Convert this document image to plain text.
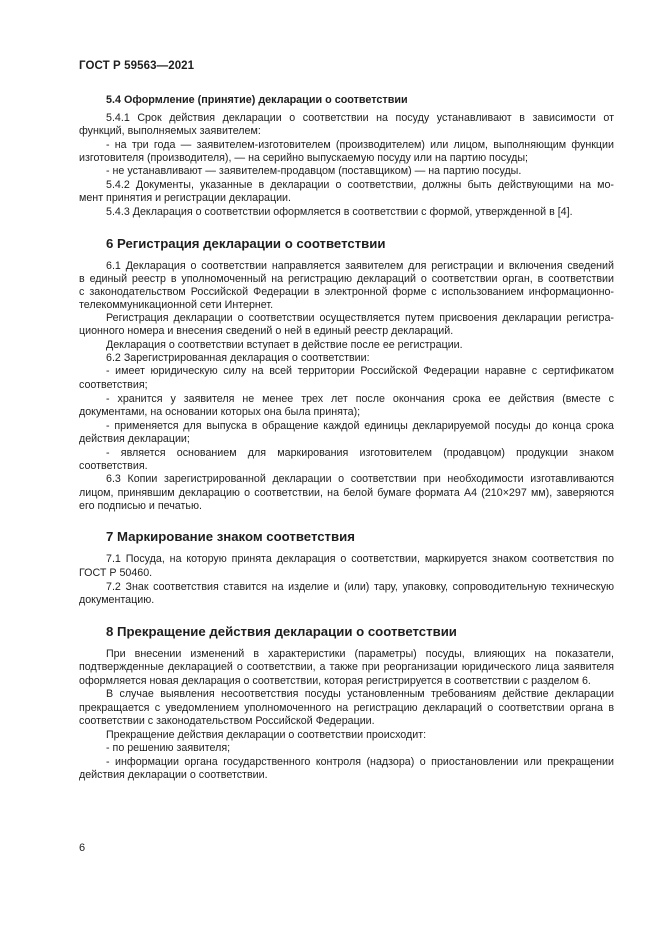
ГОСТ Р 59563—2021
5.4 Оформление (принятие) декларации о соответствии
5.4.1 Срок действия декларации о соответствии на посуду устанавливают в зависимости от
функций, выполняемых заявителем:
- на три года — заявителем-изготовителем (производителем) или лицом, выполняющим функции
изготовителя (производителя), — на серийно выпускаемую посуду или на партию посуды;
- не устанавливают — заявителем-продавцом (поставщиком) — на партию посуды.
5.4.2 Документы, указанные в декларации о соответствии, должны быть действующими на мо-
мент принятия и регистрации декларации.
5.4.3 Декларация о соответствии оформляется в соответствии с формой, утвержденной в [4].
6 Регистрация декларации о соответствии
6.1 Декларация о соответствии направляется заявителем для регистрации и включения сведений
в единый реестр в уполномоченный на регистрацию деклараций о соответствии орган, в соответствии
с законодательством Российской Федерации в электронной форме с использованием информационно-
телекоммуникационной сети Интернет.
Регистрация декларации о соответствии осуществляется путем присвоения декларации регистра-
ционного номера и внесения сведений о ней в единый реестр деклараций.
Декларация о соответствии вступает в действие после ее регистрации.
6.2 Зарегистрированная декларация о соответствии:
- имеет юридическую силу на всей территории Российской Федерации наравне с сертификатом
соответствия;
- хранится у заявителя не менее трех лет после окончания срока ее действия (вместе с
документами, на основании которых она была принята);
- применяется для выпуска в обращение каждой единицы декларируемой посуды до конца срока
действия декларации;
- является основанием для маркирования изготовителем (продавцом) продукции знаком
соответствия.
6.3 Копии зарегистрированной декларации о соответствии при необходимости изготавливаются
лицом, принявшим декларацию о соответствии, на белой бумаге формата А4 (210×297 мм), заверяются
его подписью и печатью.
7 Маркирование знаком соответствия
7.1 Посуда, на которую принята декларация о соответствии, маркируется знаком соответствия по
ГОСТ Р 50460.
7.2 Знак соответствия ставится на изделие и (или) тару, упаковку, сопроводительную техническую
документацию.
8 Прекращение действия декларации о соответствии
При внесении изменений в характеристики (параметры) посуды, влияющих на показатели,
подтвержденные декларацией о соответствии, а также при реорганизации юридического лица заявителя
оформляется новая декларация о соответствии, которая регистрируется в соответствии с разделом 6.
В случае выявления несоответствия посуды установленным требованиям действие декларации
прекращается с уведомлением уполномоченного на регистрацию деклараций о соответствии органа в
соответствии с законодательством Российской Федерации.
Прекращение действия декларации о соответствии происходит:
- по решению заявителя;
- информации органа государственного контроля (надзора) о приостановлении или прекращении
действия декларации о соответствии.
6
